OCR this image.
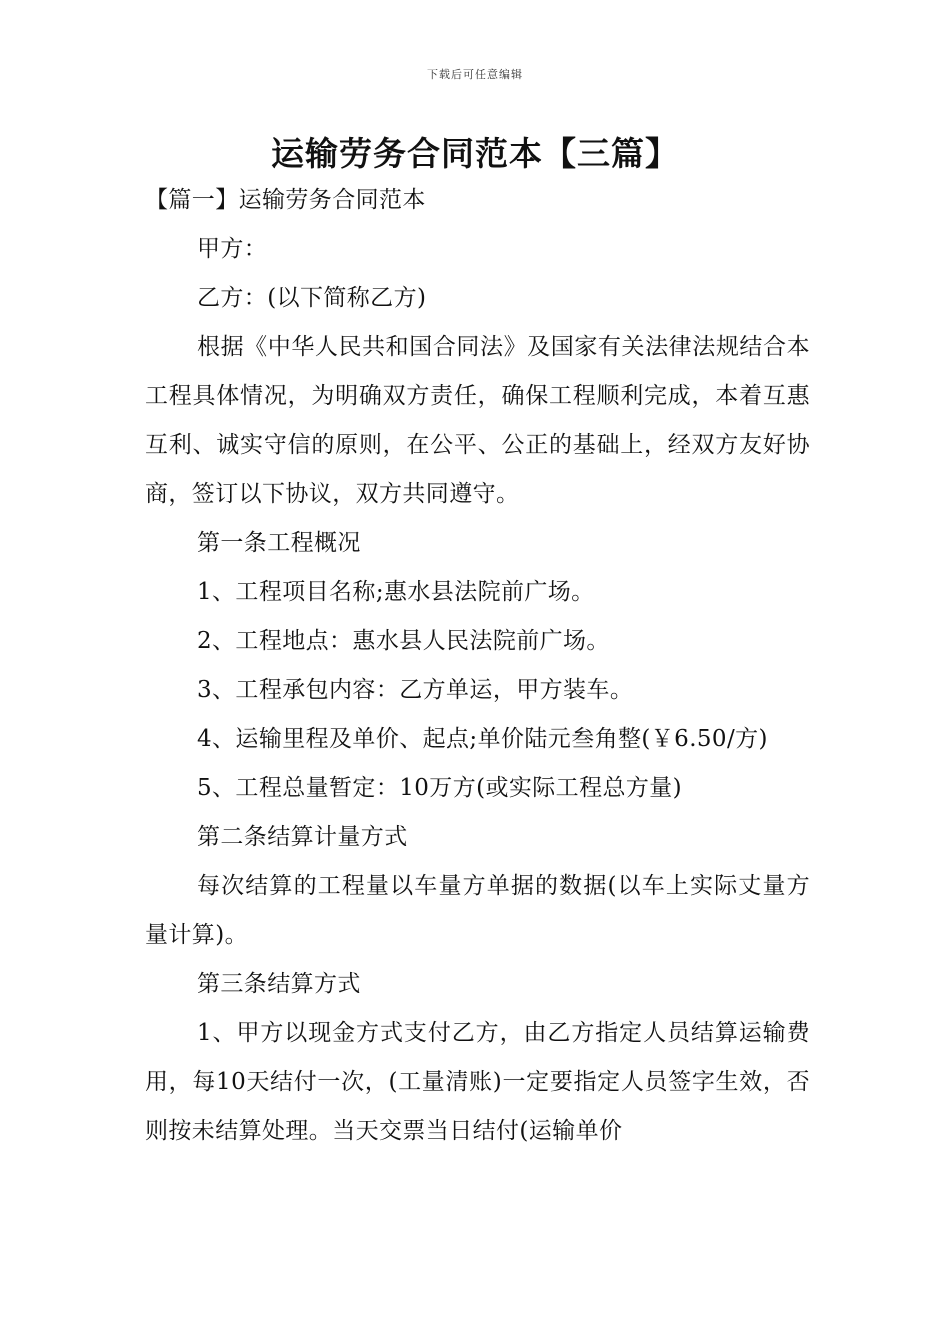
下载后可任意编辑
运输劳务合同范本【三篇】

【篇一】运输劳务合同范本

甲方：

乙方：(以下简称乙方)

根据《中华人民共和国合同法》及国家有关法律法规结合本工程具体情况，为明确双方责任，确保工程顺利完成，本着互惠互利、诚实守信的原则，在公平、公正的基础上，经双方友好协商，签订以下协议，双方共同遵守。

第一条工程概况

1、工程项目名称;惠水县法院前广场。

2、工程地点：惠水县人民法院前广场。

3、工程承包内容：乙方单运，甲方装车。

4、运输里程及单价、起点;单价陆元叁角整(￥6.50/方)

5、工程总量暂定：10万方(或实际工程总方量)

第二条结算计量方式

每次结算的工程量以车量方单据的数据(以车上实际丈量方量计算)。

第三条结算方式

1、甲方以现金方式支付乙方，由乙方指定人员结算运输费用，每10天结付一次，(工量清账)一定要指定人员签字生效，否则按未结算处理。当天交票当日结付(运输单价
